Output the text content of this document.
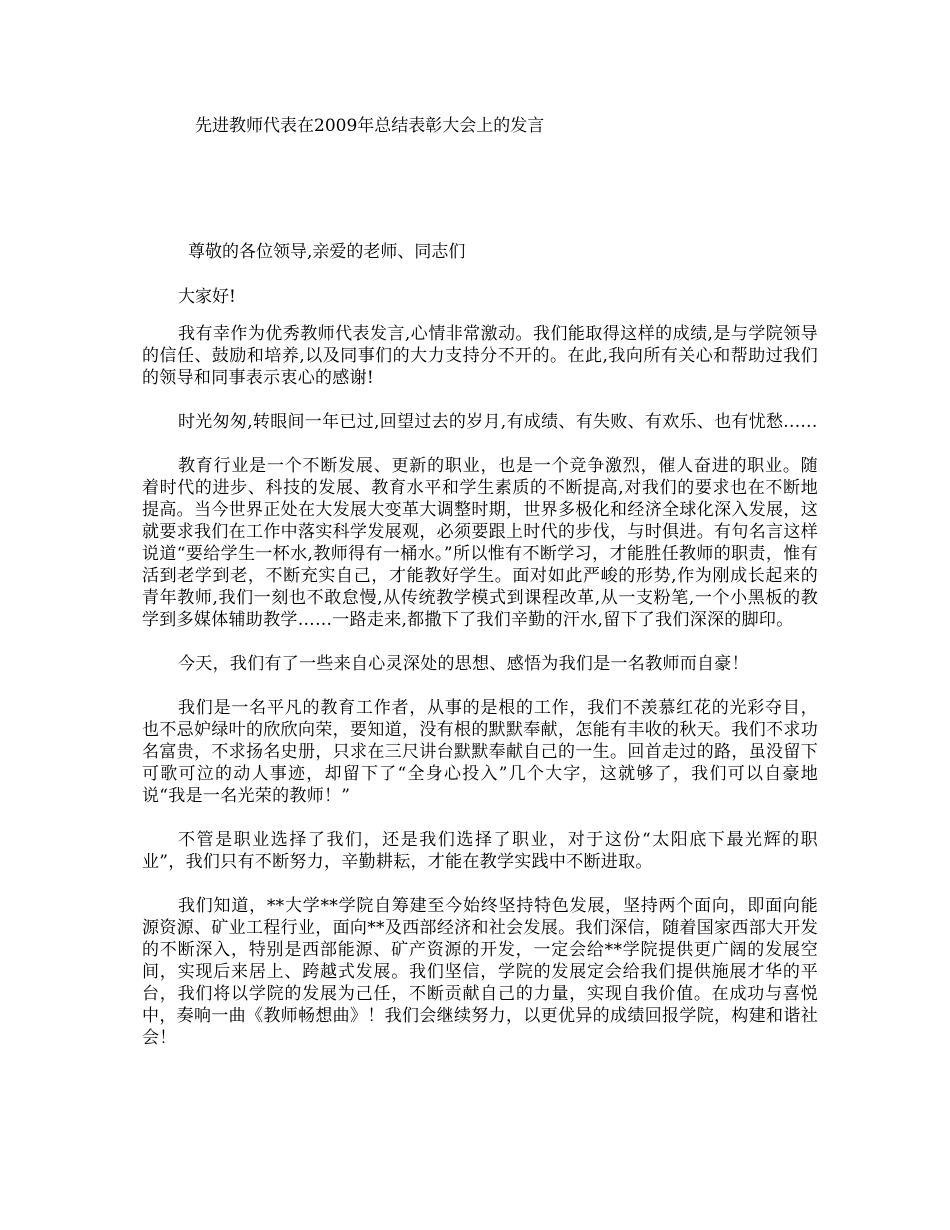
先进教师代表在2009年总结表彰大会上的发言
尊敬的各位领导,亲爱的老师、同志们
大家好!

我有幸作为优秀教师代表发言,心情非常激动。我们能取得这样的成绩,是与学院领导的信任、鼓励和培养,以及同事们的大力支持分不开的。在此,我向所有关心和帮助过我们的领导和同事表示衷心的感谢!

时光匆匆,转眼间一年已过,回望过去的岁月,有成绩、有失败、有欢乐、也有忧愁......

教育行业是一个不断发展、更新的职业，也是一个竞争激烈，催人奋进的职业。随着时代的进步、科技的发展、教育水平和学生素质的不断提高,对我们的要求也在不断地提高。当今世界正处在大发展大变革大调整时期，世界多极化和经济全球化深入发展，这就要求我们在工作中落实科学发展观，必须要跟上时代的步伐，与时俱进。有句名言这样说道“要给学生一杯水,教师得有一桶水。”所以惟有不断学习，才能胜任教师的职责，惟有活到老学到老，不断充实自己，才能教好学生。面对如此严峻的形势,作为刚成长起来的青年教师,我们一刻也不敢怠慢,从传统教学模式到课程改革,从一支粉笔,一个小黑板的教学到多媒体辅助教学……一路走来,都撒下了我们辛勤的汗水,留下了我们深深的脚印。

今天，我们有了一些来自心灵深处的思想、感悟为我们是一名教师而自豪！

我们是一名平凡的教育工作者，从事的是根的工作，我们不羡慕红花的光彩夺目，也不忌妒绿叶的欣欣向荣，要知道，没有根的默默奉献，怎能有丰收的秋天。我们不求功名富贵，不求扬名史册，只求在三尺讲台默默奉献自己的一生。回首走过的路，虽没留下可歌可泣的动人事迹，却留下了“全身心投入”几个大字，这就够了，我们可以自豪地说“我是一名光荣的教师！”

不管是职业选择了我们，还是我们选择了职业，对于这份“太阳底下最光辉的职业”，我们只有不断努力，辛勤耕耘，才能在教学实践中不断进取。

我们知道，**大学**学院自筹建至今始终坚持特色发展，坚持两个面向，即面向能源资源、矿业工程行业，面向**及西部经济和社会发展。我们深信，随着国家西部大开发的不断深入，特别是西部能源、矿产资源的开发，一定会给**学院提供更广阔的发展空间，实现后来居上、跨越式发展。我们坚信，学院的发展定会给我们提供施展才华的平台，我们将以学院的发展为己任，不断贡献自己的力量，实现自我价值。在成功与喜悦中，奏响一曲《教师畅想曲》！我们会继续努力，以更优异的成绩回报学院，构建和谐社会！
